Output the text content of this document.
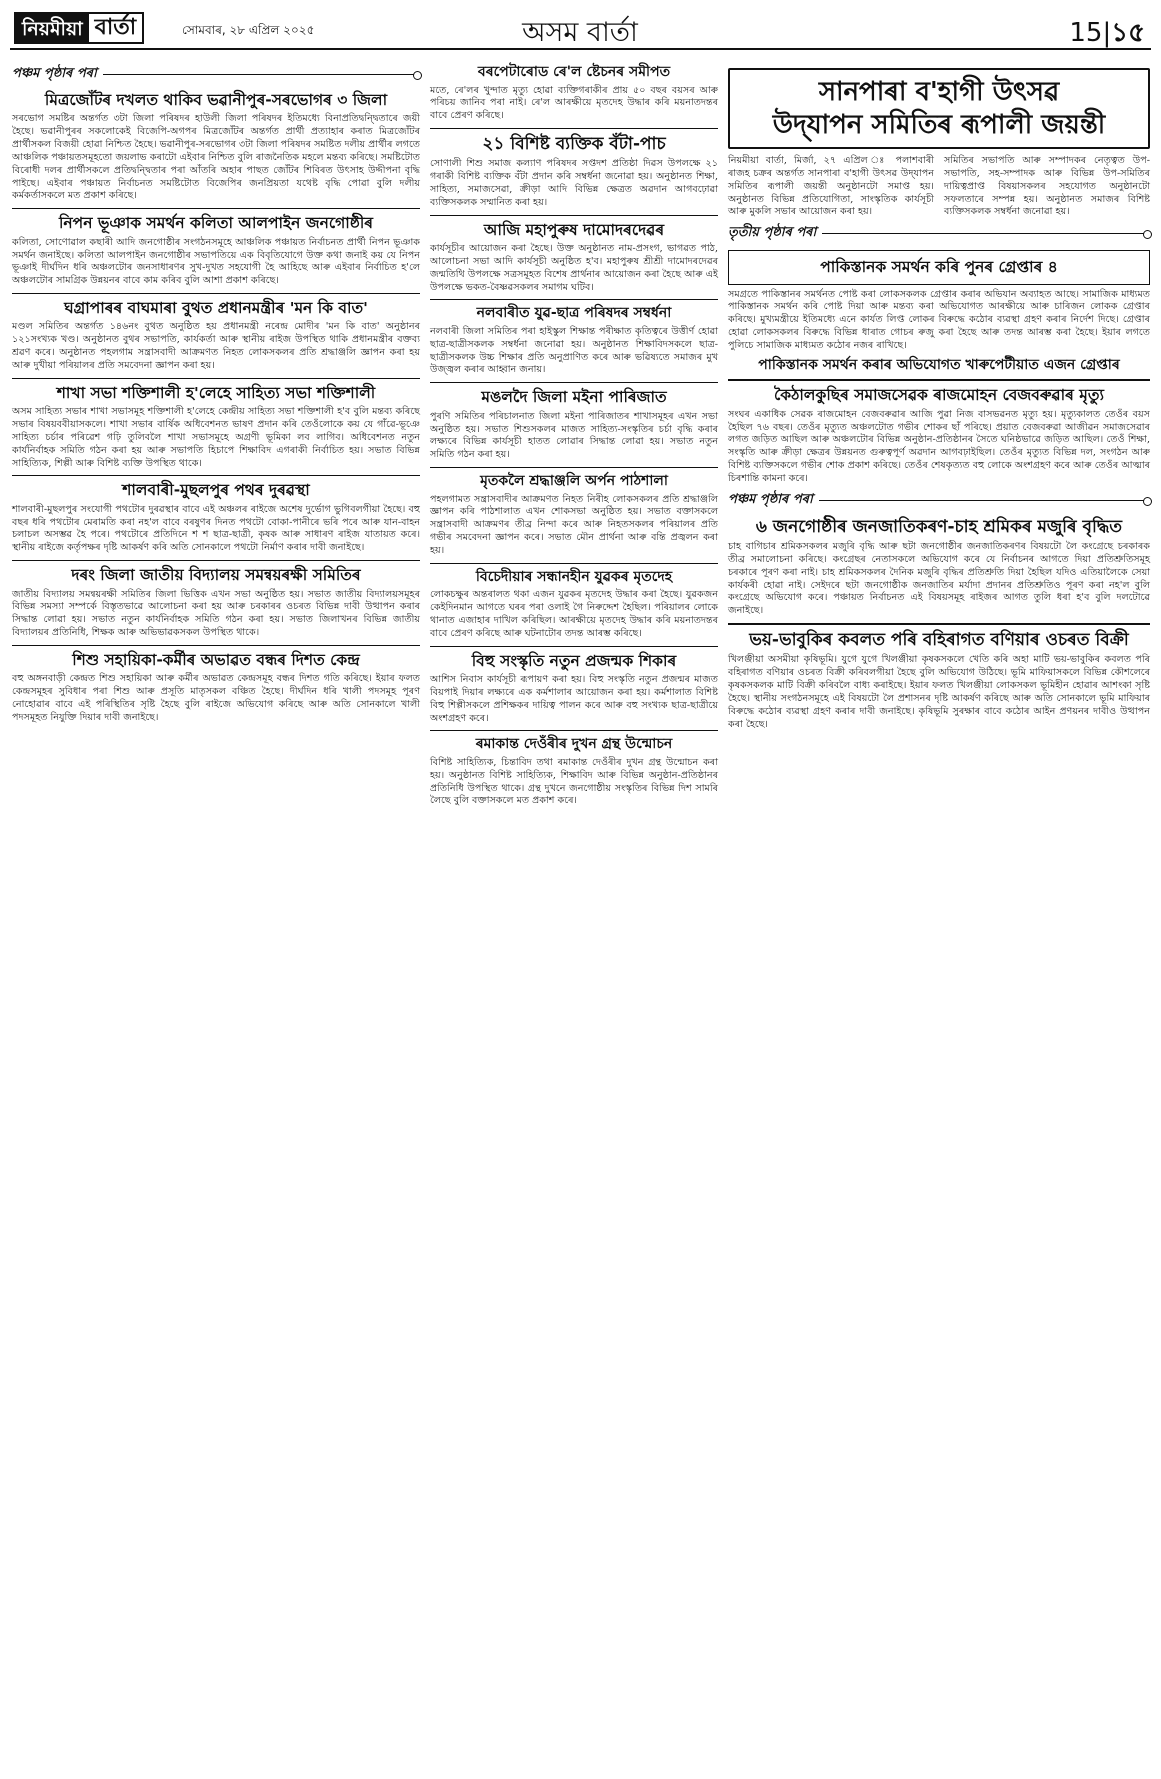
নিয়মীয়া বাৰ্তা	সোমবাৰ, ২৮ এপ্ৰিল ২০২৫	অসম বাৰ্তা	15|১৫
পঞ্চম পৃষ্ঠাৰ পৰা
মিত্ৰজোঁটৰ দখলত থাকিব ভৱানীপুৰ-সৰভোগৰ ৩ জিলা

সৰভোগ সমষ্টিৰ অন্তৰ্গত ৩টা জিলা পৰিষদৰ হাউলী জিলা পৰিষদৰ ইতিমধ্যে বিনাপ্ৰতিদ্বন্দ্বিতাৰে জয়ী হৈছে। ভৱানীপুৰৰ সকলোকেই বিজেপি-অগপৰ মিত্ৰজোঁটৰ অন্তৰ্গত প্ৰাৰ্থী প্ৰত্যাহাৰ কৰাত মিত্ৰজোঁটৰ প্ৰাৰ্থীসকল বিজয়ী হোৱা নিশ্চিত হৈছে। ভৱানীপুৰ-সৰভোগৰ ৩টা জিলা পৰিষদৰ সমষ্টিত দলীয় প্ৰাৰ্থীৰ লগতে আঞ্চলিক পঞ্চায়তসমূহতো জয়লাভ কৰাটো এইবাৰ নিশ্চিত বুলি ৰাজনৈতিক মহলে মন্তব্য কৰিছে। সমষ্টিটোত বিৰোধী দলৰ প্ৰাৰ্থীসকলে প্ৰতিদ্বন্দ্বিতাৰ পৰা আঁতৰি অহাৰ পাছত জোঁটৰ শিবিৰত উৎসাহ উদ্দীপনা বৃদ্ধি পাইছে। এইবাৰ পঞ্চায়ত নিৰ্বাচনত সমষ্টিটোত বিজেপিৰ জনপ্ৰিয়তা যথেষ্ট বৃদ্ধি পোৱা বুলি দলীয় কৰ্মকৰ্তাসকলে মত প্ৰকাশ কৰিছে।

নিপন ভূঞাক সমৰ্থন কলিতা আলপাইন জনগোষ্ঠীৰ

কলিতা, সোণোৱাল কছাৰী আদি জনগোষ্ঠীৰ সংগঠনসমূহে আঞ্চলিক পঞ্চায়ত নিৰ্বাচনত প্ৰাৰ্থী নিপন ভূঞাক সমৰ্থন জনাইছে। কলিতা আলপাইন জনগোষ্ঠীৰ সভাপতিয়ে এক বিবৃতিযোগে উক্ত কথা জনাই কয় যে নিপন ভূঞাই দীৰ্ঘদিন ধৰি অঞ্চলটোৰ জনসাধাৰণৰ সুখ-দুখত সহযোগী হৈ আহিছে আৰু এইবাৰ নিৰ্বাচিত হ'লে অঞ্চলটোৰ সামগ্ৰিক উন্নয়নৰ বাবে কাম কৰিব বুলি আশা প্ৰকাশ কৰিছে।

ঘগ্ৰাপাৰৰ বাঘমাৰা বুথত প্ৰধানমন্ত্ৰীৰ 'মন কি বাত'

মণ্ডল সমিতিৰ অন্তৰ্গত ১৪৬নং বুথত অনুষ্ঠিত হয় প্ৰধানমন্ত্ৰী নৰেন্দ্ৰ মোদীৰ 'মন কি বাত' অনুষ্ঠানৰ ১২১সংখ্যক খণ্ড। অনুষ্ঠানত বুথৰ সভাপতি, কাৰ্যকৰ্তা আৰু স্থানীয় ৰাইজ উপস্থিত থাকি প্ৰধানমন্ত্ৰীৰ বক্তব্য শ্ৰৱণ কৰে। অনুষ্ঠানত পহলগাম সন্ত্ৰাসবাদী আক্ৰমণত নিহত লোকসকলৰ প্ৰতি শ্ৰদ্ধাঞ্জলি জ্ঞাপন কৰা হয় আৰু দুখীয়া পৰিয়ালৰ প্ৰতি সমবেদনা জ্ঞাপন কৰা হয়।

শাখা সভা শক্তিশালী হ'লেহে সাহিত্য সভা শক্তিশালী

অসম সাহিত্য সভাৰ শাখা সভাসমূহ শক্তিশালী হ'লেহে কেন্দ্ৰীয় সাহিত্য সভা শক্তিশালী হ'ব বুলি মন্তব্য কৰিছে সভাৰ বিষয়ববীয়াসকলে। শাখা সভাৰ বাৰ্ষিক অধিবেশনত ভাষণ প্ৰদান কৰি তেওঁলোকে কয় যে গাঁৱে-ভূঞে সাহিত্য চৰ্চাৰ পৰিৱেশ গঢ়ি তুলিবলৈ শাখা সভাসমূহে অগ্ৰণী ভূমিকা লব লাগিব। অধিবেশনত নতুন কাৰ্যনিৰ্বাহক সমিতি গঠন কৰা হয় আৰু সভাপতি হিচাপে শিক্ষাবিদ এগৰাকী নিৰ্বাচিত হয়। সভাত বিভিন্ন সাহিত্যিক, শিল্পী আৰু বিশিষ্ট ব্যক্তি উপস্থিত থাকে।

শালবাৰী-মুছলপুৰ পথৰ দুৰৱস্থা

শালবাৰী-মুছলপুৰ সংযোগী পথটোৰ দুৰৱস্থাৰ বাবে এই অঞ্চলৰ ৰাইজে অশেষ দুৰ্ভোগ ভুগিবলগীয়া হৈছে। বহু বছৰ ধৰি পথটোৰ মেৰামতি কৰা নহ'ল বাবে বৰষুণৰ দিনত পথটো বোকা-পানীৰে ভৰি পৰে আৰু যান-বাহন চলাচল অসম্ভৱ হৈ পৰে। পথটোৰে প্ৰতিদিনে শ শ ছাত্ৰ-ছাত্ৰী, কৃষক আৰু সাধাৰণ ৰাইজ যাতায়ত কৰে। স্থানীয় ৰাইজে কৰ্তৃপক্ষৰ দৃষ্টি আকৰ্ষণ কৰি অতি সোনকালে পথটো নিৰ্মাণ কৰাৰ দাবী জনাইছে।

দৰং জিলা জাতীয় বিদ্যালয় সমন্বয়ৰক্ষী সমিতিৰ

জাতীয় বিদ্যালয় সমন্বয়ৰক্ষী সমিতিৰ জিলা ভিত্তিক এখন সভা অনুষ্ঠিত হয়। সভাত জাতীয় বিদ্যালয়সমূহৰ বিভিন্ন সমস্যা সম্পৰ্কে বিস্তৃতভাৱে আলোচনা কৰা হয় আৰু চৰকাৰৰ ওচৰত বিভিন্ন দাবী উত্থাপন কৰাৰ সিদ্ধান্ত লোৱা হয়। সভাত নতুন কাৰ্যনিৰ্বাহক সমিতি গঠন কৰা হয়। সভাত জিলাখনৰ বিভিন্ন জাতীয় বিদ্যালয়ৰ প্ৰতিনিধি, শিক্ষক আৰু অভিভাৱকসকল উপস্থিত থাকে।

শিশু সহায়িকা-কৰ্মীৰ অভাৱত বন্ধৰ দিশত কেন্দ্ৰ

বহু অঙ্গনবাড়ী কেন্দ্ৰত শিশু সহায়িকা আৰু কৰ্মীৰ অভাৱত কেন্দ্ৰসমূহ বন্ধৰ দিশত গতি কৰিছে। ইয়াৰ ফলত কেন্দ্ৰসমূহৰ সুবিধাৰ পৰা শিশু আৰু প্ৰসূতি মাতৃসকল বঞ্চিত হৈছে। দীৰ্ঘদিন ধৰি খালী পদসমূহ পূৰণ নোহোৱাৰ বাবে এই পৰিস্থিতিৰ সৃষ্টি হৈছে বুলি ৰাইজে অভিযোগ কৰিছে আৰু অতি সোনকালে খালী পদসমূহত নিযুক্তি দিয়াৰ দাবী জনাইছে।

বৰপেটাৰোড ৰে'ল ষ্টেচনৰ সমীপত

মতে, ৰে'লৰ খুন্দাত মৃত্যু হোৱা ব্যক্তিগৰাকীৰ প্ৰায় ৫০ বছৰ বয়সৰ আৰু পৰিচয় জানিব পৰা নাই। ৰে'ল আৰক্ষীয়ে মৃতদেহ উদ্ধাৰ কৰি ময়নাতদন্তৰ বাবে প্ৰেৰণ কৰিছে।

২১ বিশিষ্ট ব্যক্তিক বঁটা-পাচ

সোণালী শিশু সমাজ কল্যাণ পৰিষদৰ সপ্তদশ প্ৰতিষ্ঠা দিৱস উপলক্ষে ২১ গৰাকী বিশিষ্ট ব্যক্তিক বঁটা প্ৰদান কৰি সম্বৰ্ধনা জনোৱা হয়। অনুষ্ঠানত শিক্ষা, সাহিত্য, সমাজসেৱা, ক্ৰীড়া আদি বিভিন্ন ক্ষেত্ৰত অৱদান আগবঢ়োৱা ব্যক্তিসকলক সম্মানিত কৰা হয়।

আজি মহাপুৰুষ দামোদৰদেৱৰ

কাৰ্যসূচীৰ আয়োজন কৰা হৈছে। উক্ত অনুষ্ঠানত নাম-প্ৰসংগ, ভাগৱত পাঠ, আলোচনা সভা আদি কাৰ্যসূচী অনুষ্ঠিত হ'ব। মহাপুৰুষ শ্ৰীশ্ৰী দামোদৰদেৱৰ জন্মতিথি উপলক্ষে সত্ৰসমূহত বিশেষ প্ৰাৰ্থনাৰ আয়োজন কৰা হৈছে আৰু এই উপলক্ষে ভকত-বৈষ্ণৱসকলৰ সমাগম ঘটিব।

নলবাৰীত যুৱ-ছাত্ৰ পৰিষদৰ সম্বৰ্ধনা

নলবাৰী জিলা সমিতিৰ পৰা হাইস্কুল শিক্ষান্ত পৰীক্ষাত কৃতিত্বৰে উত্তীৰ্ণ হোৱা ছাত্ৰ-ছাত্ৰীসকলক সম্বৰ্ধনা জনোৱা হয়। অনুষ্ঠানত শিক্ষাবিদসকলে ছাত্ৰ-ছাত্ৰীসকলক উচ্চ শিক্ষাৰ প্ৰতি অনুপ্ৰাণিত কৰে আৰু ভৱিষ্যতে সমাজৰ মুখ উজ্জ্বল কৰাৰ আহ্বান জনায়।

মঙলদৈ জিলা মইনা পাৰিজাত

পুৰণি সমিতিৰ পৰিচালনাত জিলা মইনা পাৰিজাতৰ শাখাসমূহৰ এখন সভা অনুষ্ঠিত হয়। সভাত শিশুসকলৰ মাজত সাহিত্য-সংস্কৃতিৰ চৰ্চা বৃদ্ধি কৰাৰ লক্ষ্যৰে বিভিন্ন কাৰ্যসূচী হাতত লোৱাৰ সিদ্ধান্ত লোৱা হয়। সভাত নতুন সমিতি গঠন কৰা হয়।

মৃতকলৈ শ্ৰদ্ধাঞ্জলি অৰ্পন পাঠশালা

পহলগামত সন্ত্ৰাসবাদীৰ আক্ৰমণত নিহত নিৰীহ লোকসকলৰ প্ৰতি শ্ৰদ্ধাঞ্জলি জ্ঞাপন কৰি পাঠশালাত এখন শোকসভা অনুষ্ঠিত হয়। সভাত বক্তাসকলে সন্ত্ৰাসবাদী আক্ৰমণৰ তীব্ৰ নিন্দা কৰে আৰু নিহতসকলৰ পৰিয়ালৰ প্ৰতি গভীৰ সমবেদনা জ্ঞাপন কৰে। সভাত মৌন প্ৰাৰ্থনা আৰু বন্তি প্ৰজ্বলন কৰা হয়।

বিচেদীয়াৰ সন্ধানহীন যুৱকৰ মৃতদেহ

লোকচক্ষুৰ অন্তৰালত থকা এজন যুৱকৰ মৃতদেহ উদ্ধাৰ কৰা হৈছে। যুৱকজন কেইদিনমান আগতে ঘৰৰ পৰা ওলাই গৈ নিৰুদ্দেশ হৈছিল। পৰিয়ালৰ লোকে থানাত এজাহাৰ দাখিল কৰিছিল। আৰক্ষীয়ে মৃতদেহ উদ্ধাৰ কৰি ময়নাতদন্তৰ বাবে প্ৰেৰণ কৰিছে আৰু ঘটনাটোৰ তদন্ত আৰম্ভ কৰিছে।

বিহু সংস্কৃতি নতুন প্ৰজন্মক শিকাৰ

আশিস নিবাস কাৰ্যসূচী ৰূপায়ণ কৰা হয়। বিহু সংস্কৃতি নতুন প্ৰজন্মৰ মাজত বিয়পাই দিয়াৰ লক্ষ্যৰে এক কৰ্মশালাৰ আয়োজন কৰা হয়। কৰ্মশালাত বিশিষ্ট বিহু শিল্পীসকলে প্ৰশিক্ষকৰ দায়িত্ব পালন কৰে আৰু বহু সংখ্যক ছাত্ৰ-ছাত্ৰীয়ে অংশগ্ৰহণ কৰে।

ৰমাকান্ত দেওঁৰীৰ দুখন গ্ৰন্থ উন্মোচন

বিশিষ্ট সাহিত্যিক, চিন্তাবিদ তথা ৰমাকান্ত দেওঁৰীৰ দুখন গ্ৰন্থ উন্মোচন কৰা হয়। অনুষ্ঠানত বিশিষ্ট সাহিত্যিক, শিক্ষাবিদ আৰু বিভিন্ন অনুষ্ঠান-প্ৰতিষ্ঠানৰ প্ৰতিনিধি উপস্থিত থাকে। গ্ৰন্থ দুখনে জনগোষ্ঠীয় সংস্কৃতিৰ বিভিন্ন দিশ সামৰি লৈছে বুলি বক্তাসকলে মত প্ৰকাশ কৰে।

সানপাৰা ব'হাগী উৎসৱ
উদ্‌যাপন সমিতিৰ ৰূপালী জয়ন্তী

নিয়মীয়া বাৰ্তা, মিৰ্জা, ২৭ এপ্ৰিল ঃ পলাশবাৰী ৰাজহ চক্ৰৰ অন্তৰ্গত সানপাৰা ব'হাগী উৎসৱ উদ্‌যাপন সমিতিৰ ৰূপালী জয়ন্তী অনুষ্ঠানটো সমাপ্ত হয়। অনুষ্ঠানত বিভিন্ন প্ৰতিযোগিতা, সাংস্কৃতিক কাৰ্যসূচী আৰু মুকলি সভাৰ আয়োজন কৰা হয়।

সমিতিৰ সভাপতি আৰু সম্পাদকৰ নেতৃত্বত উপ-সভাপতি, সহ-সম্পাদক আৰু বিভিন্ন উপ-সমিতিৰ দায়িত্বপ্ৰাপ্ত বিষয়াসকলৰ সহযোগত অনুষ্ঠানটো সফলতাৰে সম্পন্ন হয়। অনুষ্ঠানত সমাজৰ বিশিষ্ট ব্যক্তিসকলক সম্বৰ্ধনা জনোৱা হয়।

তৃতীয় পৃষ্ঠাৰ পৰা
পাকিস্তানক সমৰ্থন কৰি পুনৰ গ্ৰেপ্তাৰ ৪

সমগ্ৰতে পাকিস্তানৰ সমৰ্থনত পোষ্ট কৰা লোকসকলক গ্ৰেপ্তাৰ কৰাৰ অভিযান অব্যাহত আছে। সামাজিক মাধ্যমত পাকিস্তানক সমৰ্থন কৰি পোষ্ট দিয়া আৰু মন্তব্য কৰা অভিযোগত আৰক্ষীয়ে আৰু চাৰিজন লোকক গ্ৰেপ্তাৰ কৰিছে। মুখ্যমন্ত্ৰীয়ে ইতিমধ্যে এনে কাৰ্যত লিপ্ত লোকৰ বিৰুদ্ধে কঠোৰ ব্যৱস্থা গ্ৰহণ কৰাৰ নিৰ্দেশ দিছে। গ্ৰেপ্তাৰ হোৱা লোকসকলৰ বিৰুদ্ধে বিভিন্ন ধাৰাত গোচৰ ৰুজু কৰা হৈছে আৰু তদন্ত আৰম্ভ কৰা হৈছে। ইয়াৰ লগতে পুলিচে সামাজিক মাধ্যমত কঠোৰ নজৰ ৰাখিছে।

পাকিস্তানক সমৰ্থন কৰাৰ অভিযোগত খাৰুপেটীয়াত এজন গ্ৰেপ্তাৰ
কৈঠালকুছিৰ সমাজসেৱক ৰাজমোহন বেজবৰুৱাৰ মৃত্যু

সংঘৰ একাধিক সেৱক ৰাজমোহন বেজবৰুৱাৰ আজি পুৱা নিজ বাসভৱনত মৃত্যু হয়। মৃত্যুকালত তেওঁৰ বয়স হৈছিল ৭৬ বছৰ। তেওঁৰ মৃত্যুত অঞ্চলটোত গভীৰ শোকৰ ছাঁ পৰিছে। প্ৰয়াত বেজবৰুৱা আজীৱন সমাজসেৱাৰ লগত জড়িত আছিল আৰু অঞ্চলটোৰ বিভিন্ন অনুষ্ঠান-প্ৰতিষ্ঠানৰ সৈতে ঘনিষ্ঠভাৱে জড়িত আছিল। তেওঁ শিক্ষা, সংস্কৃতি আৰু ক্ৰীড়া ক্ষেত্ৰৰ উন্নয়নত গুৰুত্বপূৰ্ণ অৱদান আগবঢ়াইছিল। তেওঁৰ মৃত্যুত বিভিন্ন দল, সংগঠন আৰু বিশিষ্ট ব্যক্তিসকলে গভীৰ শোক প্ৰকাশ কৰিছে। তেওঁৰ শেষকৃত্যত বহু লোকে অংশগ্ৰহণ কৰে আৰু তেওঁৰ আত্মাৰ চিৰশান্তি কামনা কৰে।

পঞ্চম পৃষ্ঠাৰ পৰা
৬ জনগোষ্ঠীৰ জনজাতিকৰণ-চাহ শ্ৰমিকৰ মজুৰি বৃদ্ধিত

চাহ বাগিচাৰ শ্ৰমিকসকলৰ মজুৰি বৃদ্ধি আৰু ছটা জনগোষ্ঠীৰ জনজাতিকৰণৰ বিষয়টো লৈ কংগ্ৰেছে চৰকাৰক তীব্ৰ সমালোচনা কৰিছে। কংগ্ৰেছৰ নেতাসকলে অভিযোগ কৰে যে নিৰ্বাচনৰ আগতে দিয়া প্ৰতিশ্ৰুতিসমূহ চৰকাৰে পূৰণ কৰা নাই। চাহ শ্ৰমিকসকলৰ দৈনিক মজুৰি বৃদ্ধিৰ প্ৰতিশ্ৰুতি দিয়া হৈছিল যদিও এতিয়ালৈকে সেয়া কাৰ্যকৰী হোৱা নাই। সেইদৰে ছটা জনগোষ্ঠীক জনজাতিৰ মৰ্যাদা প্ৰদানৰ প্ৰতিশ্ৰুতিও পূৰণ কৰা নহ'ল বুলি কংগ্ৰেছে অভিযোগ কৰে। পঞ্চায়ত নিৰ্বাচনত এই বিষয়সমূহ ৰাইজৰ আগত তুলি ধৰা হ'ব বুলি দলটোৱে জনাইছে।

ভয়-ভাবুকিৰ কবলত পৰি বহিৰাগত বণিয়াৰ ওচৰত বিক্ৰী

খিলঞ্জীয়া অসমীয়া কৃষিভূমি। যুগে যুগে খিলঞ্জীয়া কৃষকসকলে খেতি কৰি অহা মাটি ভয়-ভাবুকিৰ কবলত পৰি বহিৰাগত বণিয়াৰ ওচৰত বিক্ৰী কৰিবলগীয়া হৈছে বুলি অভিযোগ উঠিছে। ভূমি মাফিয়াসকলে বিভিন্ন কৌশলেৰে কৃষকসকলক মাটি বিক্ৰী কৰিবলৈ বাধ্য কৰাইছে। ইয়াৰ ফলত খিলঞ্জীয়া লোকসকল ভূমিহীন হোৱাৰ আশংকা সৃষ্টি হৈছে। স্থানীয় সংগঠনসমূহে এই বিষয়টো লৈ প্ৰশাসনৰ দৃষ্টি আকৰ্ষণ কৰিছে আৰু অতি সোনকালে ভূমি মাফিয়াৰ বিৰুদ্ধে কঠোৰ ব্যৱস্থা গ্ৰহণ কৰাৰ দাবী জনাইছে। কৃষিভূমি সুৰক্ষাৰ বাবে কঠোৰ আইন প্ৰণয়নৰ দাবীও উত্থাপন কৰা হৈছে।
